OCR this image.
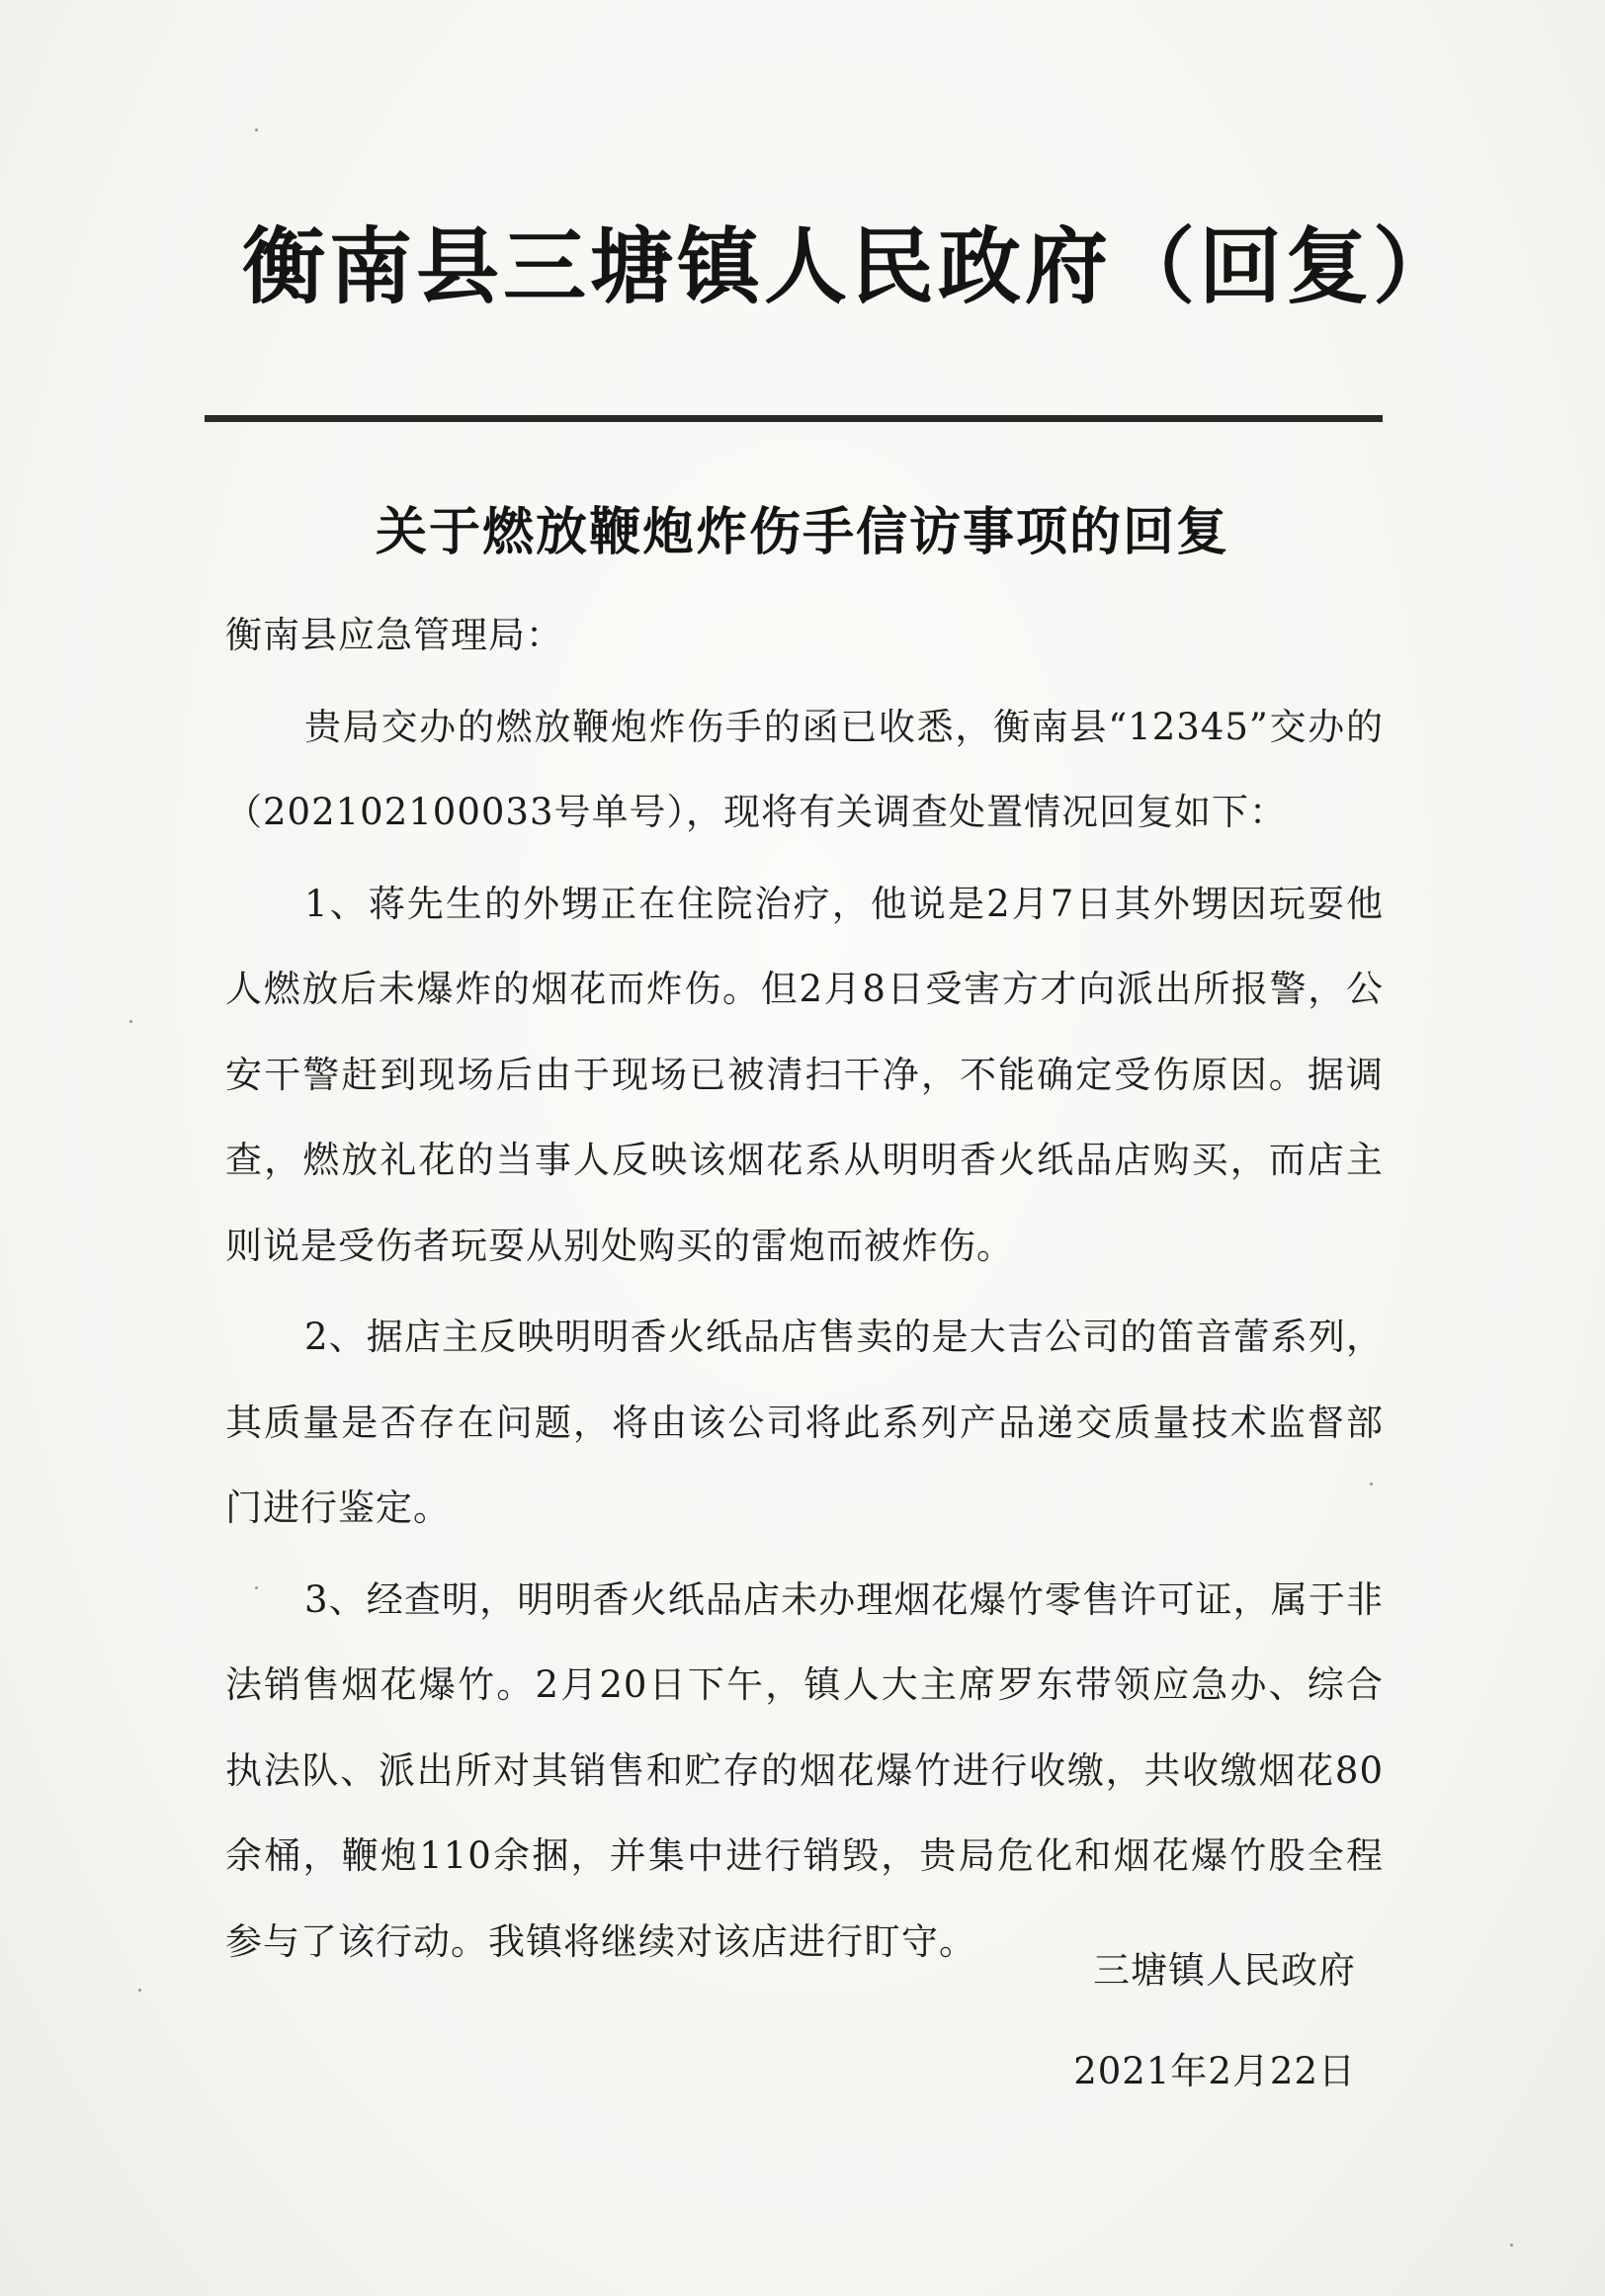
衡南县三塘镇人民政府（回复）
关于燃放鞭炮炸伤手信访事项的回复

衡南县应急管理局：

贵局交办的燃放鞭炮炸伤手的函已收悉，衡南县“12345”交办的（202102100033号单号），现将有关调查处置情况回复如下：

1、蒋先生的外甥正在住院治疗，他说是2月7日其外甥因玩耍他人燃放后未爆炸的烟花而炸伤。但2月8日受害方才向派出所报警，公安干警赶到现场后由于现场已被清扫干净，不能确定受伤原因。据调查，燃放礼花的当事人反映该烟花系从明明香火纸品店购买，而店主则说是受伤者玩耍从别处购买的雷炮而被炸伤。

2、据店主反映明明香火纸品店售卖的是大吉公司的笛音蕾系列，其质量是否存在问题，将由该公司将此系列产品递交质量技术监督部门进行鉴定。

3、经查明，明明香火纸品店未办理烟花爆竹零售许可证，属于非法销售烟花爆竹。2月20日下午，镇人大主席罗东带领应急办、综合执法队、派出所对其销售和贮存的烟花爆竹进行收缴，共收缴烟花80余桶，鞭炮110余捆，并集中进行销毁，贵局危化和烟花爆竹股全程参与了该行动。我镇将继续对该店进行盯守。

三塘镇人民政府
2021年2月22日
